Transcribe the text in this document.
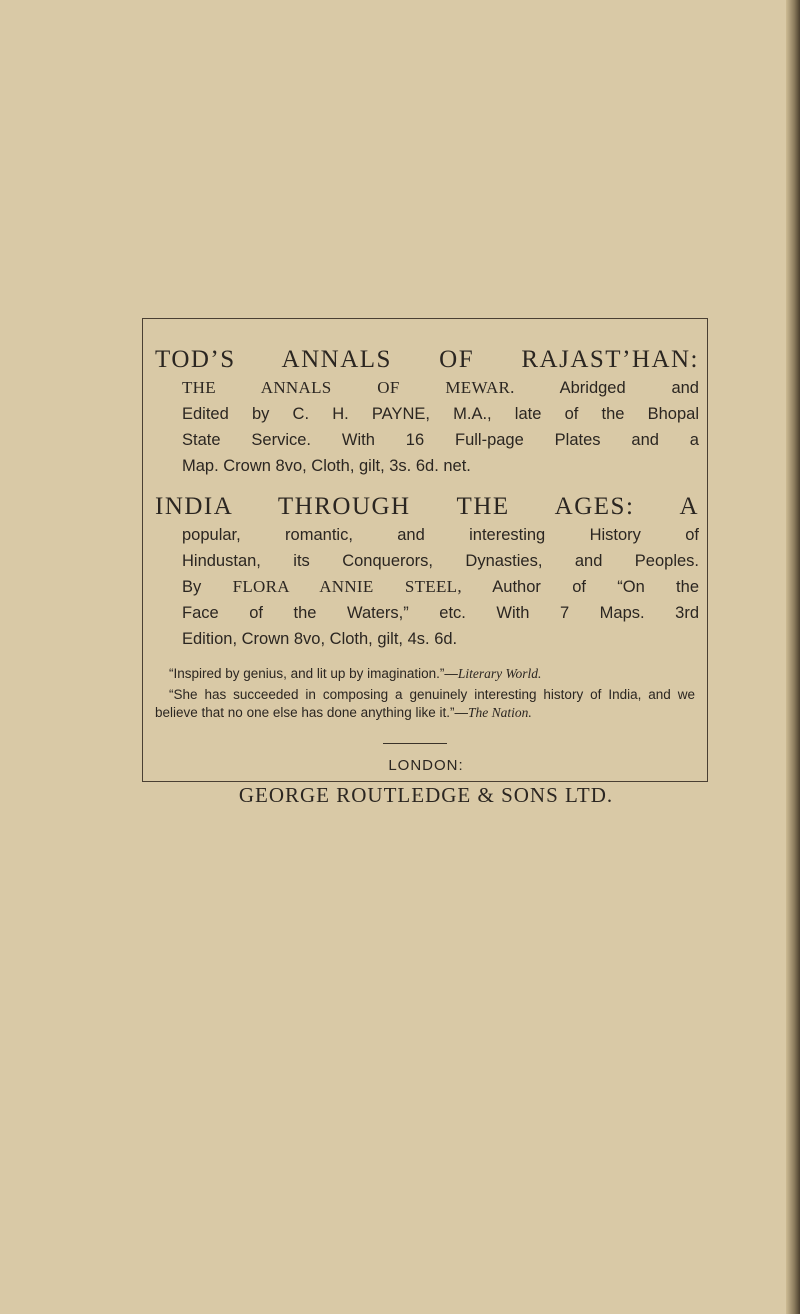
TOD’S ANNALS OF RAJAST’HAN:
THE ANNALS OF MEWAR.	Abridged and
Edited by C. H. PAYNE, M.A., late of the Bhopal
State Service. With 16 Full-page Plates and a
Map. Crown 8vo, Cloth, gilt, 3s. 6d. net.
INDIA THROUGH THE AGES: A
popular, romantic, and interesting History of
Hindustan, its Conquerors, Dynasties, and Peoples.
By FLORA ANNIE STEEL, Author of “On the
Face of the Waters,” etc. With 7 Maps. 3rd
Edition, Crown 8vo, Cloth, gilt, 4s. 6d.

“Inspired by genius, and lit up by imagination.”—Literary World.

“She has succeeded in composing a genuinely interesting history of India, and we believe that no one else has done anything like it.”—The Nation.

LONDON:
GEORGE ROUTLEDGE & SONS LTD.
